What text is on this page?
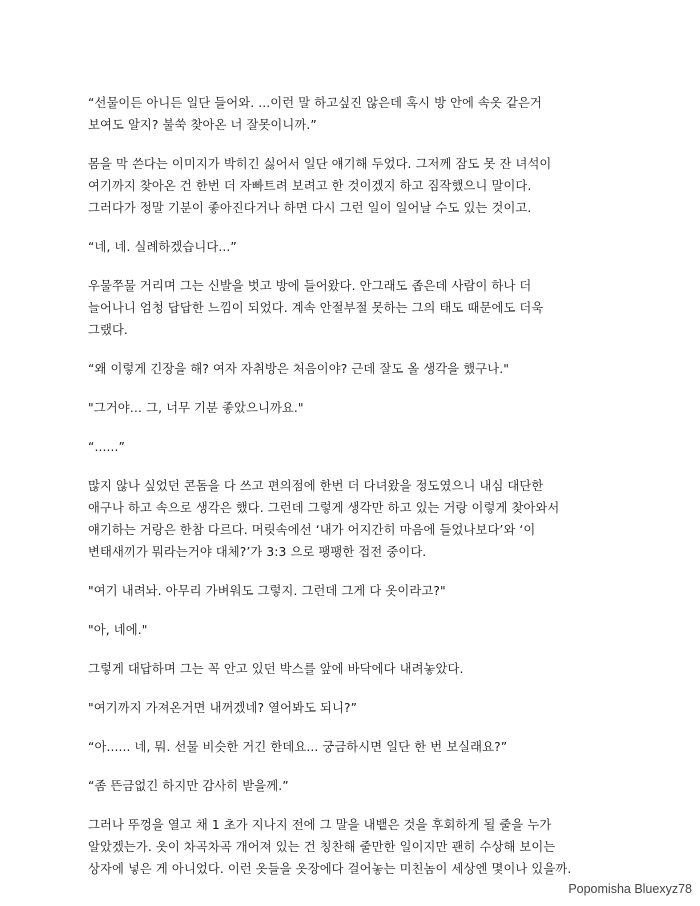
“선물이든 아니든 일단 들어와. ...이런 말 하고싶진 않은데 혹시 방 안에 속옷 같은거
보여도 알지? 불쑥 찾아온 너 잘못이니까.”

몸을 막 쓴다는 이미지가 박히긴 싫어서 일단 얘기해 두었다. 그저께 잠도 못 잔 녀석이
여기까지 찾아온 건 한번 더 자빠트려 보려고 한 것이겠지 하고 짐작했으니 말이다.
그러다가 정말 기분이 좋아진다거나 하면 다시 그런 일이 일어날 수도 있는 것이고.

“네, 네. 실례하겠습니다...”

우물쭈물 거리며 그는 신발을 벗고 방에 들어왔다. 안그래도 좁은데 사람이 하나 더
늘어나니 엄청 답답한 느낌이 되었다. 계속 안절부절 못하는 그의 태도 때문에도 더욱
그랬다.

“왜 이렇게 긴장을 해? 여자 자취방은 처음이야? 근데 잘도 올 생각을 했구나."

"그거야… 그, 너무 기분 좋았으니까요."

“......”

많지 않나 싶었던 콘돔을 다 쓰고 편의점에 한번 더 다녀왔을 정도였으니 내심 대단한
애구나 하고 속으로 생각은 했다. 그런데 그렇게 생각만 하고 있는 거랑 이렇게 찾아와서
얘기하는 거랑은 한참 다르다. 머릿속에선 ‘내가 어지간히 마음에 들었나보다’와 ‘이
변태새끼가 뭐라는거야 대체?’가 3:3 으로 팽팽한 접전 중이다.

"여기 내려놔. 아무리 가벼워도 그렇지. 그런데 그게 다 옷이라고?"

"아, 네에."

그렇게 대답하며 그는 꼭 안고 있던 박스를 앞에 바닥에다 내려놓았다.

"여기까지 가져온거면 내꺼겠네? 열어봐도 되니?”

“아...... 네, 뭐. 선물 비슷한 거긴 한데요... 궁금하시면 일단 한 번 보실래요?”

“좀 뜬금없긴 하지만 감사히 받을께.”

그러나 뚜껑을 열고 채 1 초가 지나지 전에 그 말을 내뱉은 것을 후회하게 될 줄을 누가
알았겠는가. 옷이 차곡차곡 개어져 있는 건 칭찬해 줄만한 일이지만 괜히 수상해 보이는
상자에 넣은 게 아니었다. 이런 옷들을 옷장에다 걸어놓는 미친놈이 세상엔 몇이나 있을까.

Popomisha Bluexyz78
